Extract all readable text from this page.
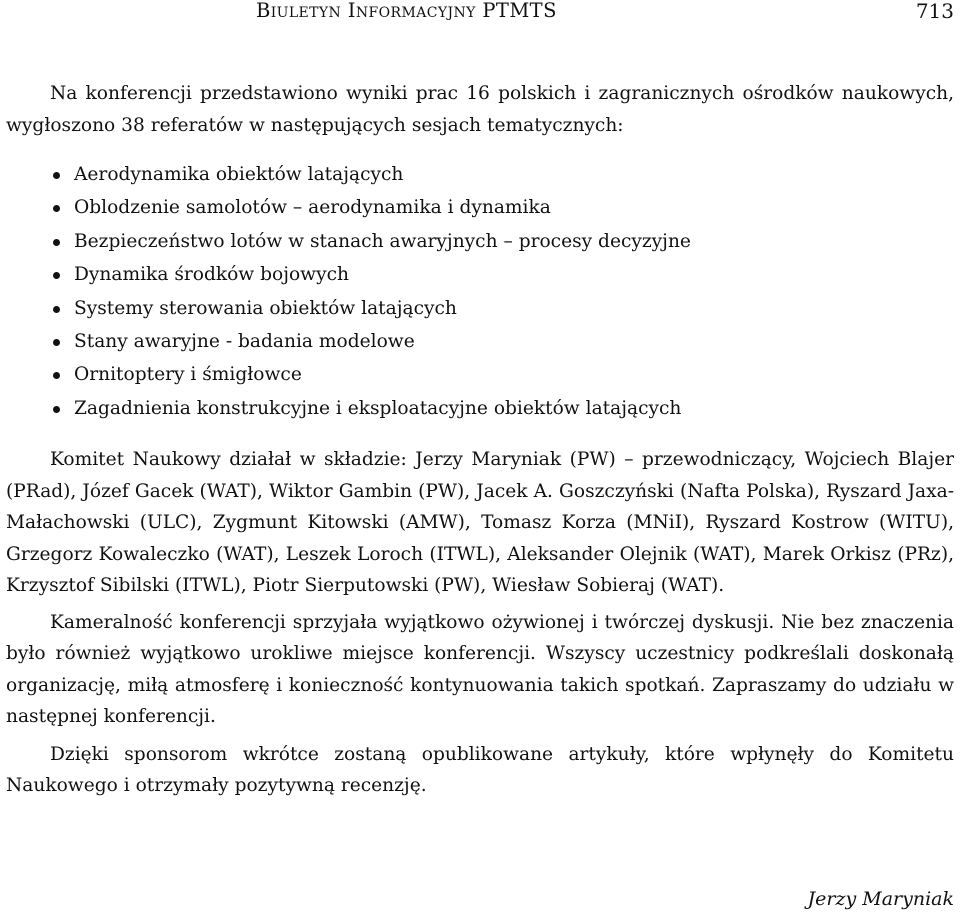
Biuletyn Informacyjny PTMTS	713

Na konferencji przedstawiono wyniki prac 16 polskich i zagranicznych ośrodków naukowych, wygłoszono 38 referatów w następujących sesjach tematycznych:

Aerodynamika obiektów latających
Oblodzenie samolotów – aerodynamika i dynamika
Bezpieczeństwo lotów w stanach awaryjnych – procesy decyzyjne
Dynamika środków bojowych
Systemy sterowania obiektów latających
Stany awaryjne - badania modelowe
Ornitoptery i śmigłowce
Zagadnienia konstrukcyjne i eksploatacyjne obiektów latających

Komitet Naukowy działał w składzie: Jerzy Maryniak (PW) – przewodniczący, Wojciech Blajer (PRad), Józef Gacek (WAT), Wiktor Gambin (PW), Jacek A. Goszczyński (Nafta Polska), Ryszard Jaxa-Małachowski (ULC), Zygmunt Kitowski (AMW), Tomasz Korza (MNiI), Ryszard Kostrow (WITU), Grzegorz Kowaleczko (WAT), Leszek Loroch (ITWL), Aleksander Olejnik (WAT), Marek Orkisz (PRz), Krzysztof Sibilski (ITWL), Piotr Sierputowski (PW), Wiesław Sobieraj (WAT).

Kameralność konferencji sprzyjała wyjątkowo ożywionej i twórczej dyskusji. Nie bez znaczenia było również wyjątkowo urokliwe miejsce konferencji. Wszyscy uczestnicy podkreślali doskonałą organizację, miłą atmosferę i konieczność kontynuowania takich spotkań. Zapraszamy do udziału w następnej konferencji.

Dzięki sponsorom wkrótce zostaną opublikowane artykuły, które wpłynęły do Komitetu Naukowego i otrzymały pozytywną recenzję.

Jerzy Maryniak
